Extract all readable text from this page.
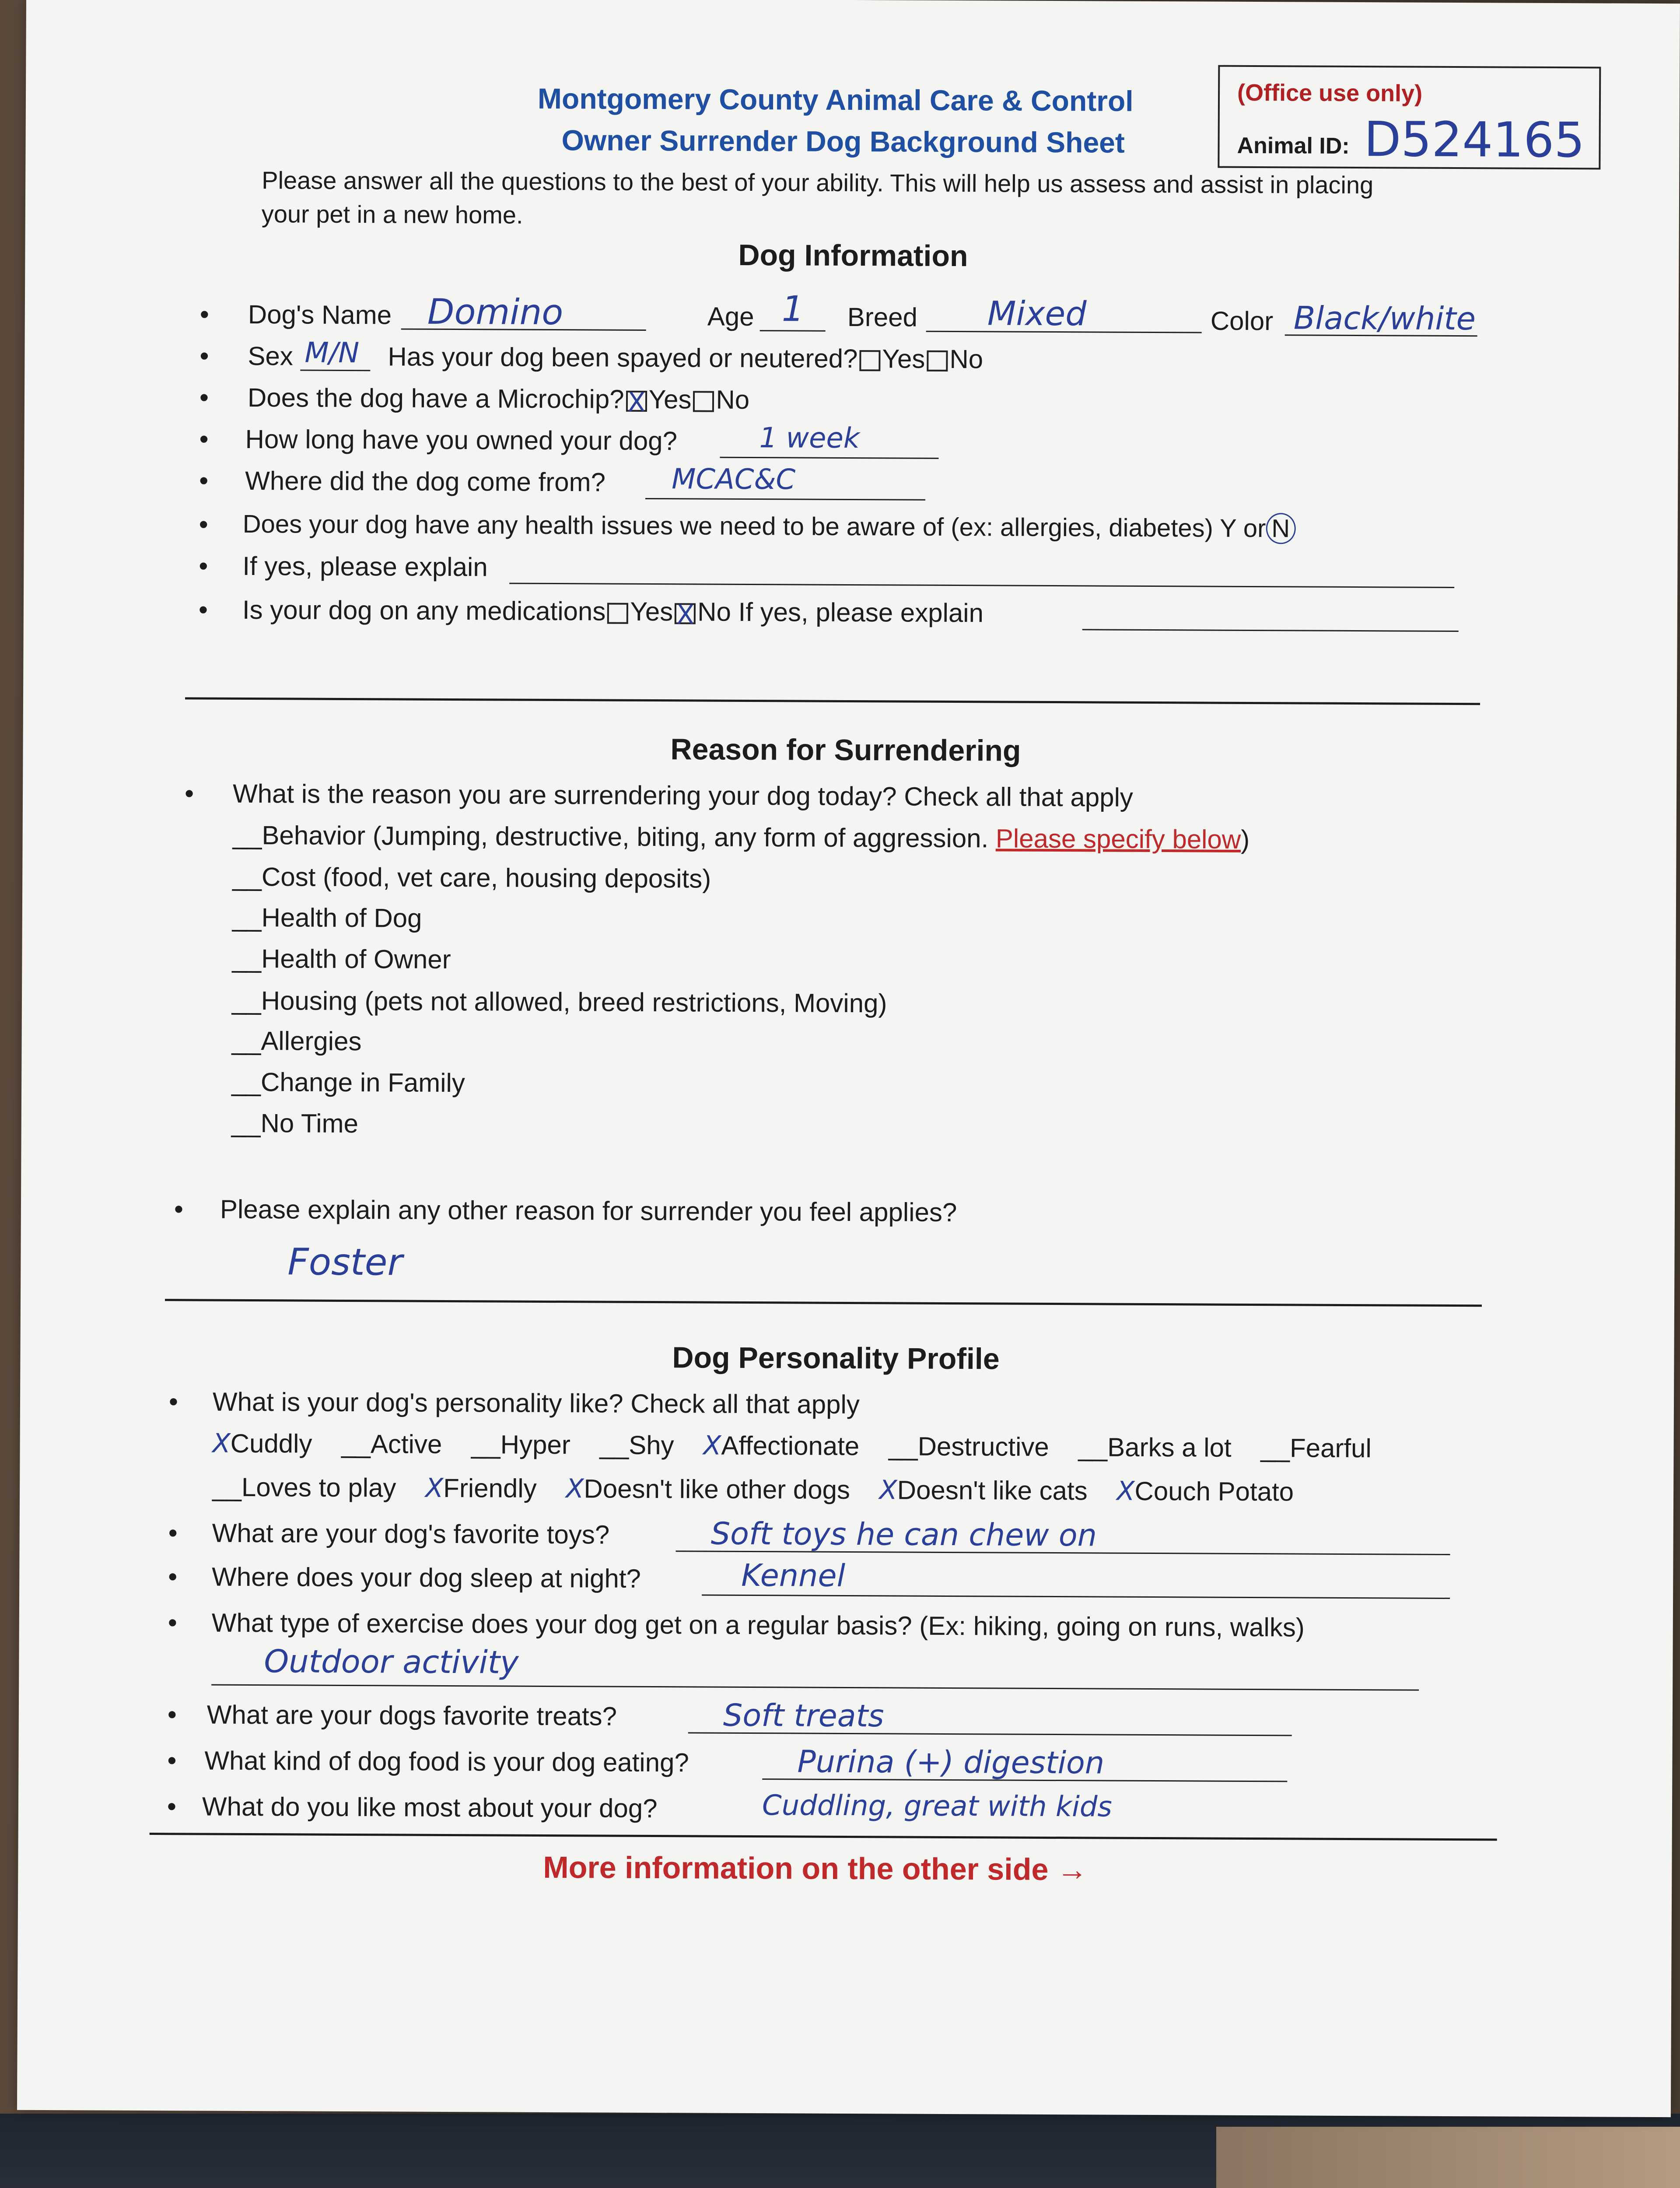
Montgomery County Animal Care & Control
Owner Surrender Dog Background Sheet
(Office use only)
Animal ID: D524165
Please answer all the questions to the best of your ability. This will help us assess and assist in placing
your pet in a new home.
Dog Information
• Dog's Name Domino	Age 1 Breed Mixed	Color Black/white
• Sex M/N Has your dog been spayed or neutered? Yes No
• Does the dog have a Microchip? X Yes No
• How long have you owned your dog?	1 week
• Where did the dog come from? MCAC&C
• Does your dog have any health issues we need to be aware of (ex: allergies, diabetes) Y or N
• If yes, please explain
• Is your dog on any medications Yes X No If yes, please explain
Reason for Surrendering
• What is the reason you are surrendering your dog today? Check all that apply
__Behavior (Jumping, destructive, biting, any form of aggression. Please specify below)
__Cost (food, vet care, housing deposits)
__Health of Dog
__Health of Owner
__Housing (pets not allowed, breed restrictions, Moving)
__Allergies
__Change in Family
__No Time
• Please explain any other reason for surrender you feel applies?
Foster
Dog Personality Profile
• What is your dog's personality like? Check all that apply
XCuddly __Active __Hyper __Shy XAffectionate __Destructive __Barks a lot __Fearful
__Loves to play XFriendly XDoesn't like other dogs XDoesn't like cats XCouch Potato
• What are your dog's favorite toys?	Soft toys he can chew on
• Where does your dog sleep at night?	Kennel
• What type of exercise does your dog get on a regular basis? (Ex: hiking, going on runs, walks)
Outdoor activity
• What are your dogs favorite treats?	Soft treats
• What kind of dog food is your dog eating?	Purina (+) digestion
• What do you like most about your dog?	Cuddling, great with kids
More information on the other side →
